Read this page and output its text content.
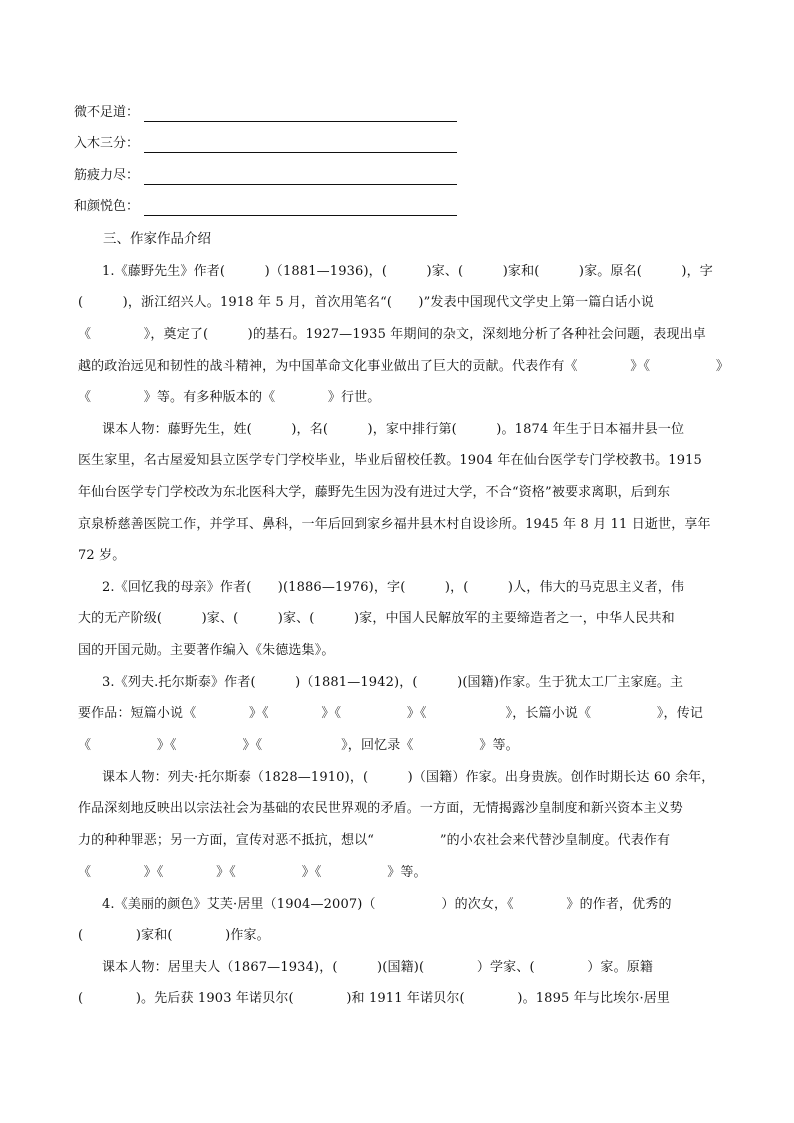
微不足道：
入木三分：
筋疲力尽：
和颜悦色：
三、作家作品介绍
1.《藤野先生》作者(　　　)（1881—1936)，(　　　)家、(　　　)家和(　　　)家。原名(　　　)，字
(　　　)，浙江绍兴人。1918 年 5 月，首次用笔名“(　　)”发表中国现代文学史上第一篇白话小说
《　　　　》，奠定了(　　　)的基石。1927—1935 年期间的杂文，深刻地分析了各种社会问题，表现出卓
越的政治远见和韧性的战斗精神，为中国革命文化事业做出了巨大的贡献。代表作有《　　　　》《　　　　　》
《　　　　》等。有多种版本的《　　　　》行世。
课本人物：藤野先生，姓(　　　)，名(　　　)，家中排行第(　　　)。1874 年生于日本福井县一位
医生家里，名古屋爱知县立医学专门学校毕业，毕业后留校任教。1904 年在仙台医学专门学校教书。1915
年仙台医学专门学校改为东北医科大学，藤野先生因为没有进过大学，不合“资格”被要求离职，后到东
京泉桥慈善医院工作，并学耳、鼻科，一年后回到家乡福井县木村自设诊所。1945 年 8 月 11 日逝世，享年
72 岁。
2.《回忆我的母亲》作者(　　)(1886—1976)，字(　　　)，(　　　)人，伟大的马克思主义者，伟
大的无产阶级(　　　)家、(　　　)家、(　　　)家，中国人民解放军的主要缔造者之一，中华人民共和
国的开国元勋。主要著作编入《朱德选集》。
3.《列夫.托尔斯泰》作者(　　　)（1881—1942)，(　　　)(国籍)作家。生于犹太工厂主家庭。主
要作品：短篇小说《　　　　》《　　　　》《　　　　　》《　　　　　　》，长篇小说《　　　　　》，传记
《　　　　　》《　　　　　》《　　　　　　》，回忆录《　　　　　》等。
课本人物：列夫·托尔斯泰（1828—1910)，(　　　)（国籍）作家。出身贵族。创作时期长达 60 余年，
作品深刻地反映出以宗法社会为基础的农民世界观的矛盾。一方面，无情揭露沙皇制度和新兴资本主义势
力的种种罪恶；另一方面，宣传对恶不抵抗，想以“　　　　　”的小农社会来代替沙皇制度。代表作有
《　　　　》《　　　　》《　　　　　》《　　　　　》等。
4.《美丽的颜色》艾芙·居里（1904—2007)（　　　　　）的次女，《　　　　》的作者，优秀的
(　　　　)家和(　　　　)作家。
课本人物：居里夫人（1867—1934)，(　　　)(国籍)(　　　　）学家、(　　　　）家。原籍
(　　　　)。先后获 1903 年诺贝尔(　　　　)和 1911 年诺贝尔(　　　　)。1895 年与比埃尔·居里
